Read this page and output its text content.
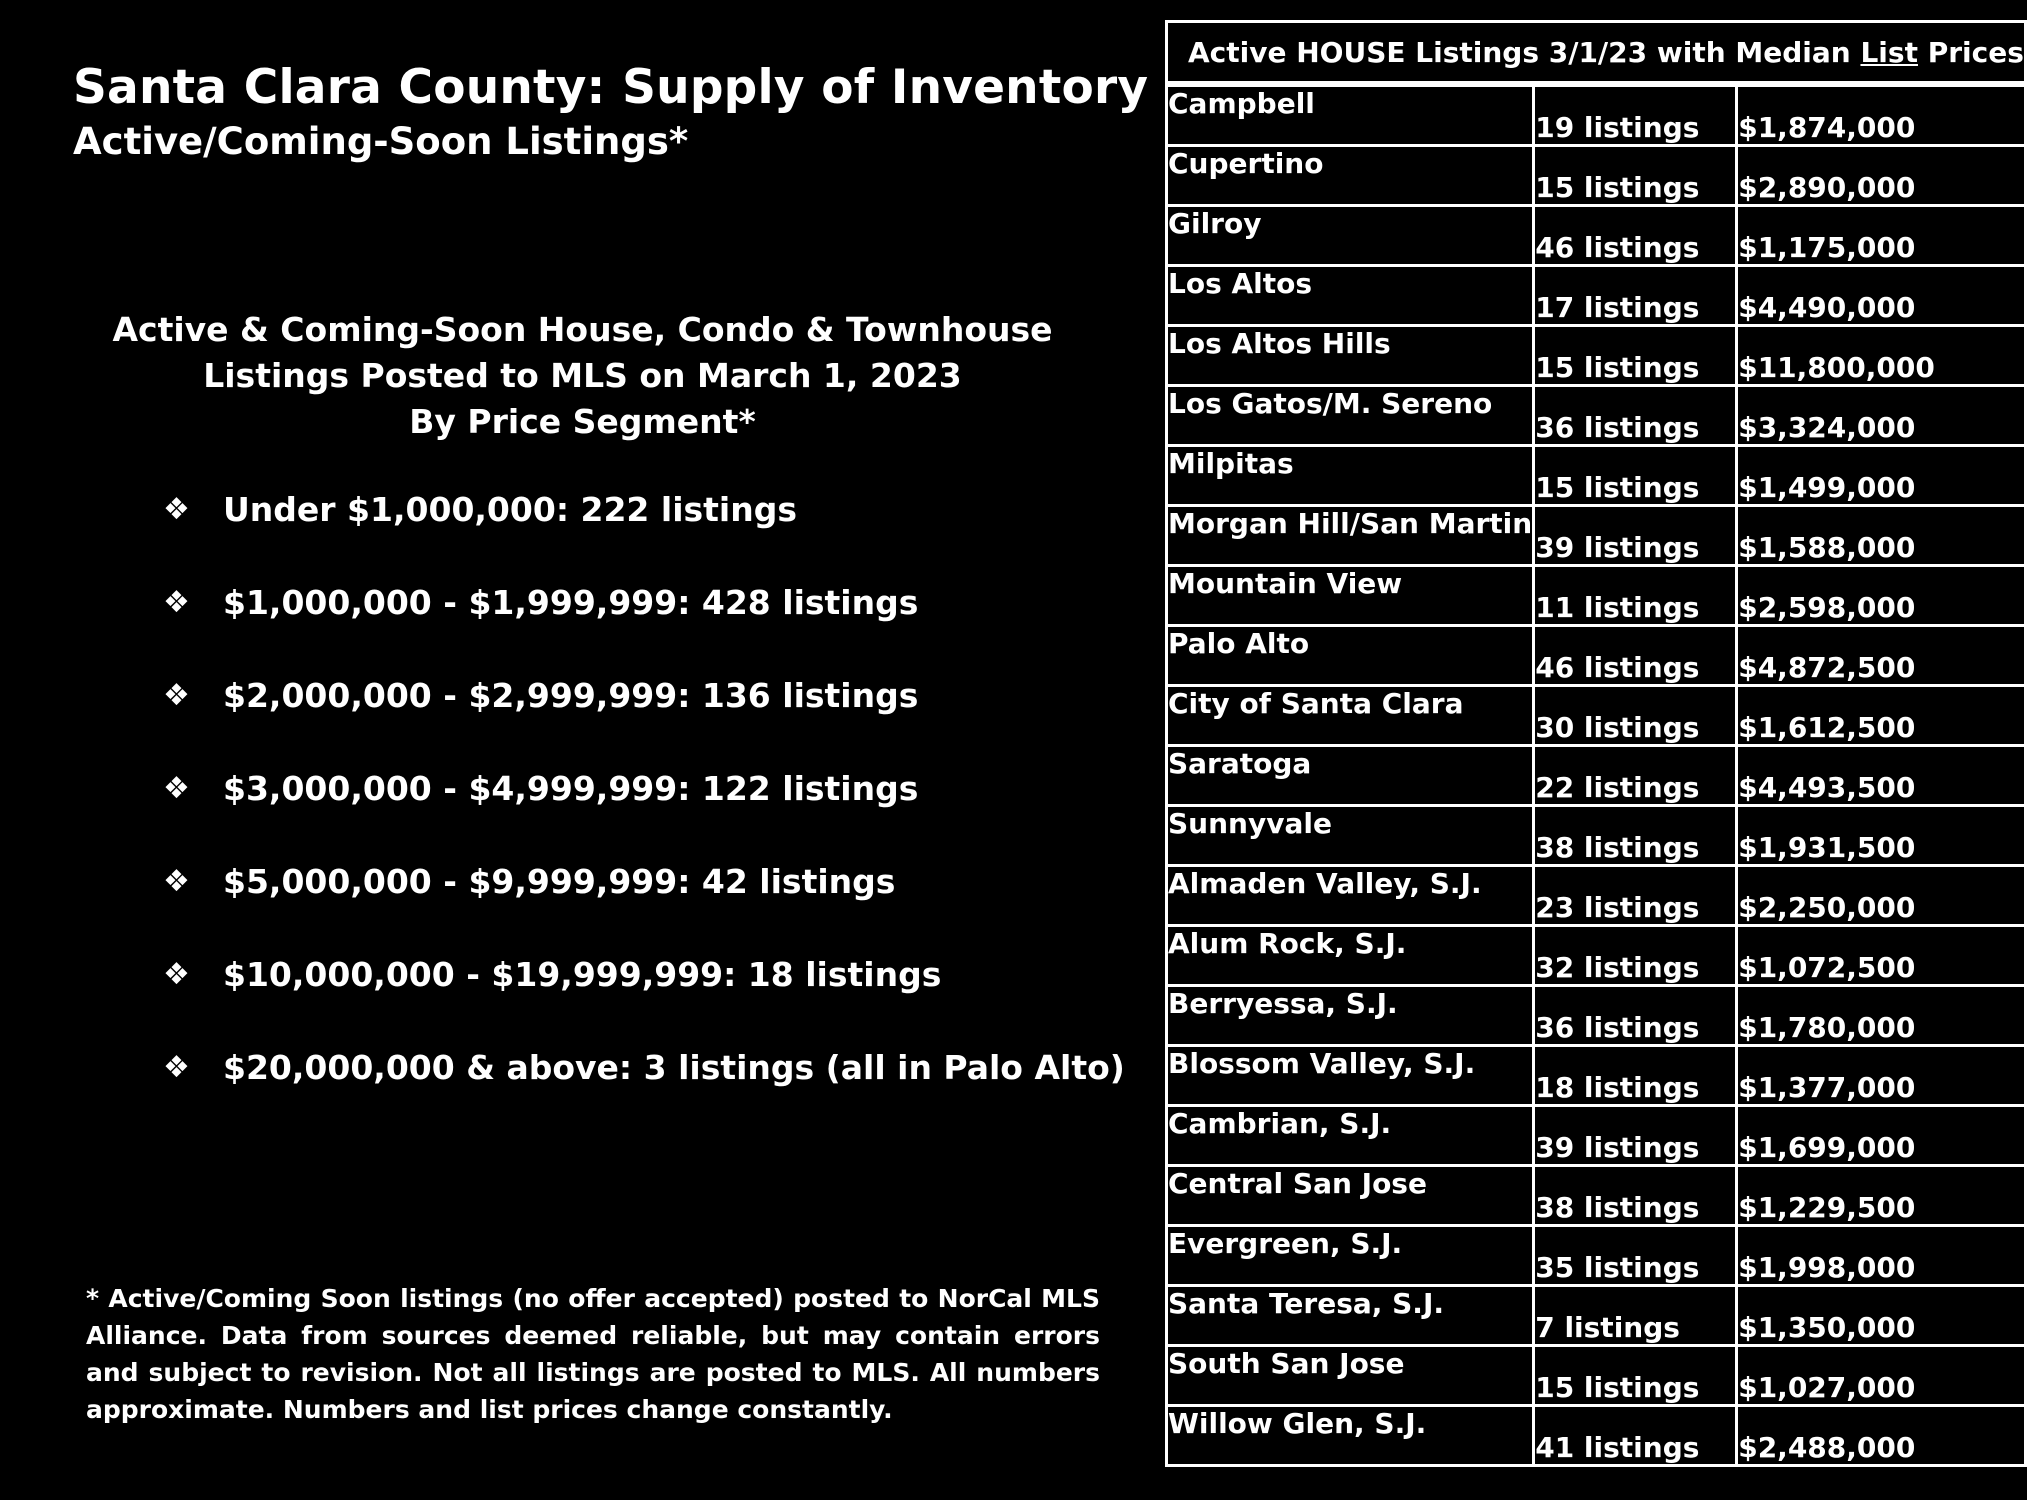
Santa Clara County: Supply of Inventory
Active/Coming-Soon Listings*
Active & Coming-Soon House, Condo & Townhouse
Listings Posted to MLS on March 1, 2023
By Price Segment*
❖	Under $1,000,000: 222 listings
❖	$1,000,000 - $1,999,999: 428 listings
❖	$2,000,000 - $2,999,999: 136 listings
❖	$3,000,000 - $4,999,999: 122 listings
❖	$5,000,000 - $9,999,999: 42 listings
❖	$10,000,000 - $19,999,999: 18 listings
❖	$20,000,000 & above: 3 listings (all in Palo Alto)
* Active/Coming Soon listings (no offer accepted) posted to NorCal MLS Alliance. Data from sources deemed reliable, but may contain errors and subject to revision. Not all listings are posted to MLS. All numbers approximate. Numbers and list prices change constantly.
Active HOUSE Listings 3/1/23 with Median List Prices		
Campbell	19 listings	$1,874,000
Cupertino	15 listings	$2,890,000
Gilroy	46 listings	$1,175,000
Los Altos	17 listings	$4,490,000
Los Altos Hills	15 listings	$11,800,000
Los Gatos/M. Sereno	36 listings	$3,324,000
Milpitas	15 listings	$1,499,000
Morgan Hill/San Martin	39 listings	$1,588,000
Mountain View	11 listings	$2,598,000
Palo Alto	46 listings	$4,872,500
City of Santa Clara	30 listings	$1,612,500
Saratoga	22 listings	$4,493,500
Sunnyvale	38 listings	$1,931,500
Almaden Valley, S.J.	23 listings	$2,250,000
Alum Rock, S.J.	32 listings	$1,072,500
Berryessa, S.J.	36 listings	$1,780,000
Blossom Valley, S.J.	18 listings	$1,377,000
Cambrian, S.J.	39 listings	$1,699,000
Central San Jose	38 listings	$1,229,500
Evergreen, S.J.	35 listings	$1,998,000
Santa Teresa, S.J.	7 listings	$1,350,000
South San Jose	15 listings	$1,027,000
Willow Glen, S.J.	41 listings	$2,488,000
